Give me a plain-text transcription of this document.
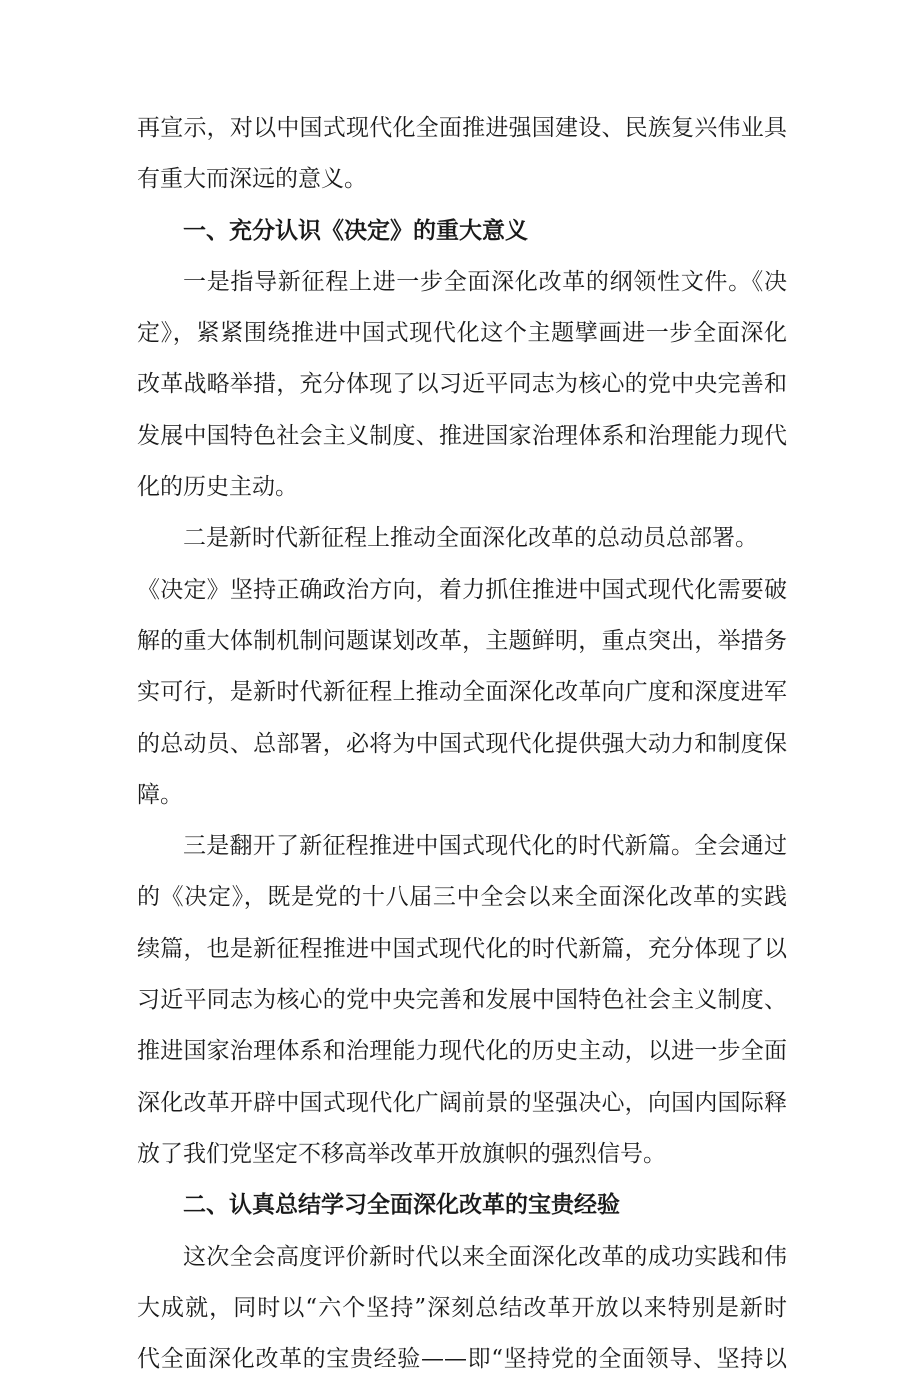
再宣示，对以中国式现代化全面推进强国建设、民族复兴伟业具
有重大而深远的意义。
一、充分认识《决定》的重大意义
一是指导新征程上进一步全面深化改革的纲领性文件。《决
定》，紧紧围绕推进中国式现代化这个主题擘画进一步全面深化
改革战略举措，充分体现了以习近平同志为核心的党中央完善和
发展中国特色社会主义制度、推进国家治理体系和治理能力现代
化的历史主动。
二是新时代新征程上推动全面深化改革的总动员总部署。
《决定》坚持正确政治方向，着力抓住推进中国式现代化需要破
解的重大体制机制问题谋划改革，主题鲜明，重点突出，举措务
实可行，是新时代新征程上推动全面深化改革向广度和深度进军
的总动员、总部署，必将为中国式现代化提供强大动力和制度保
障。
三是翻开了新征程推进中国式现代化的时代新篇。全会通过
的《决定》，既是党的十八届三中全会以来全面深化改革的实践
续篇，也是新征程推进中国式现代化的时代新篇，充分体现了以
习近平同志为核心的党中央完善和发展中国特色社会主义制度、
推进国家治理体系和治理能力现代化的历史主动，以进一步全面
深化改革开辟中国式现代化广阔前景的坚强决心，向国内国际释
放了我们党坚定不移高举改革开放旗帜的强烈信号。
二、认真总结学习全面深化改革的宝贵经验
这次全会高度评价新时代以来全面深化改革的成功实践和伟
大成就，同时以“六个坚持”深刻总结改革开放以来特别是新时
代全面深化改革的宝贵经验——即“坚持党的全面领导、坚持以
